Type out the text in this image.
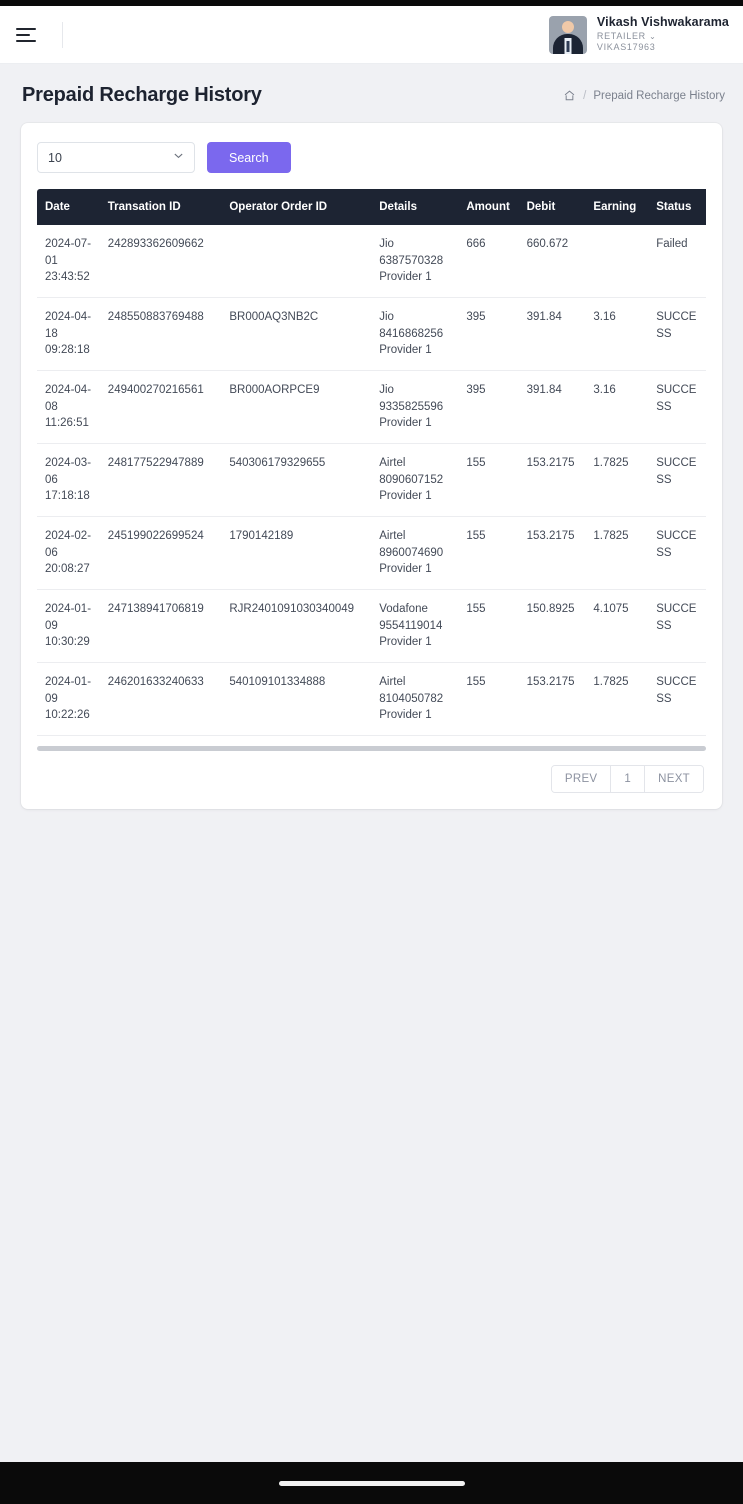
Vikash Vishwakarama
RETAILER ⌄
VIKAS17963
Prepaid Recharge History	/ Prepaid Recharge History
10
Search
Date	Transation ID	Operator Order ID	Details	Amount	Debit	Earning	Status
2024-07-01 23:43:52	242893362609662		Jio 6387570328 Provider 1	666	660.672		Failed
2024-04-18 09:28:18	248550883769488	BR000AQ3NB2C	Jio 8416868256 Provider 1	395	391.84	3.16	SUCCESS
2024-04-08 11:26:51	249400270216561	BR000AORPCE9	Jio 9335825596 Provider 1	395	391.84	3.16	SUCCESS
2024-03-06 17:18:18	248177522947889	540306179329655	Airtel 8090607152 Provider 1	155	153.2175	1.7825	SUCCESS
2024-02-06 20:08:27	245199022699524	1790142189	Airtel 8960074690 Provider 1	155	153.2175	1.7825	SUCCESS
2024-01-09 10:30:29	247138941706819	RJR2401091030340049	Vodafone 9554119014 Provider 1	155	150.8925	4.1075	SUCCESS
2024-01-09 10:22:26	246201633240633	540109101334888	Airtel 8104050782 Provider 1	155	153.2175	1.7825	SUCCESS
PREV	1	NEXT
